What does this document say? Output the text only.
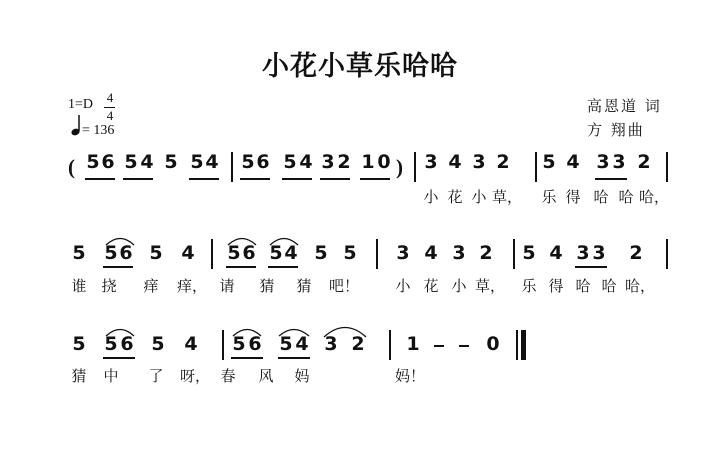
小花小草乐哈哈
1=D 4
4
= 136
高恩道 词
方 翔曲
(	)
5 6 5 4 5 5 4 5 6 5 4 3 2 1 0 3 4 3 2 5 4 3 3 2
小 花 小 草， 乐 得 哈 哈 哈，
5 5 6 5 4 5 6 5 4 5 5 3 4 3 2 5 4 3 3 2
谁 挠 痒 痒， 请 猜 猜 吧！ 小 花 小 草， 乐 得 哈 哈 哈，
5 5 6 5 4 5 6 5 4 3 2 1	0
猜 中 了 呀， 春 风 妈	妈！
